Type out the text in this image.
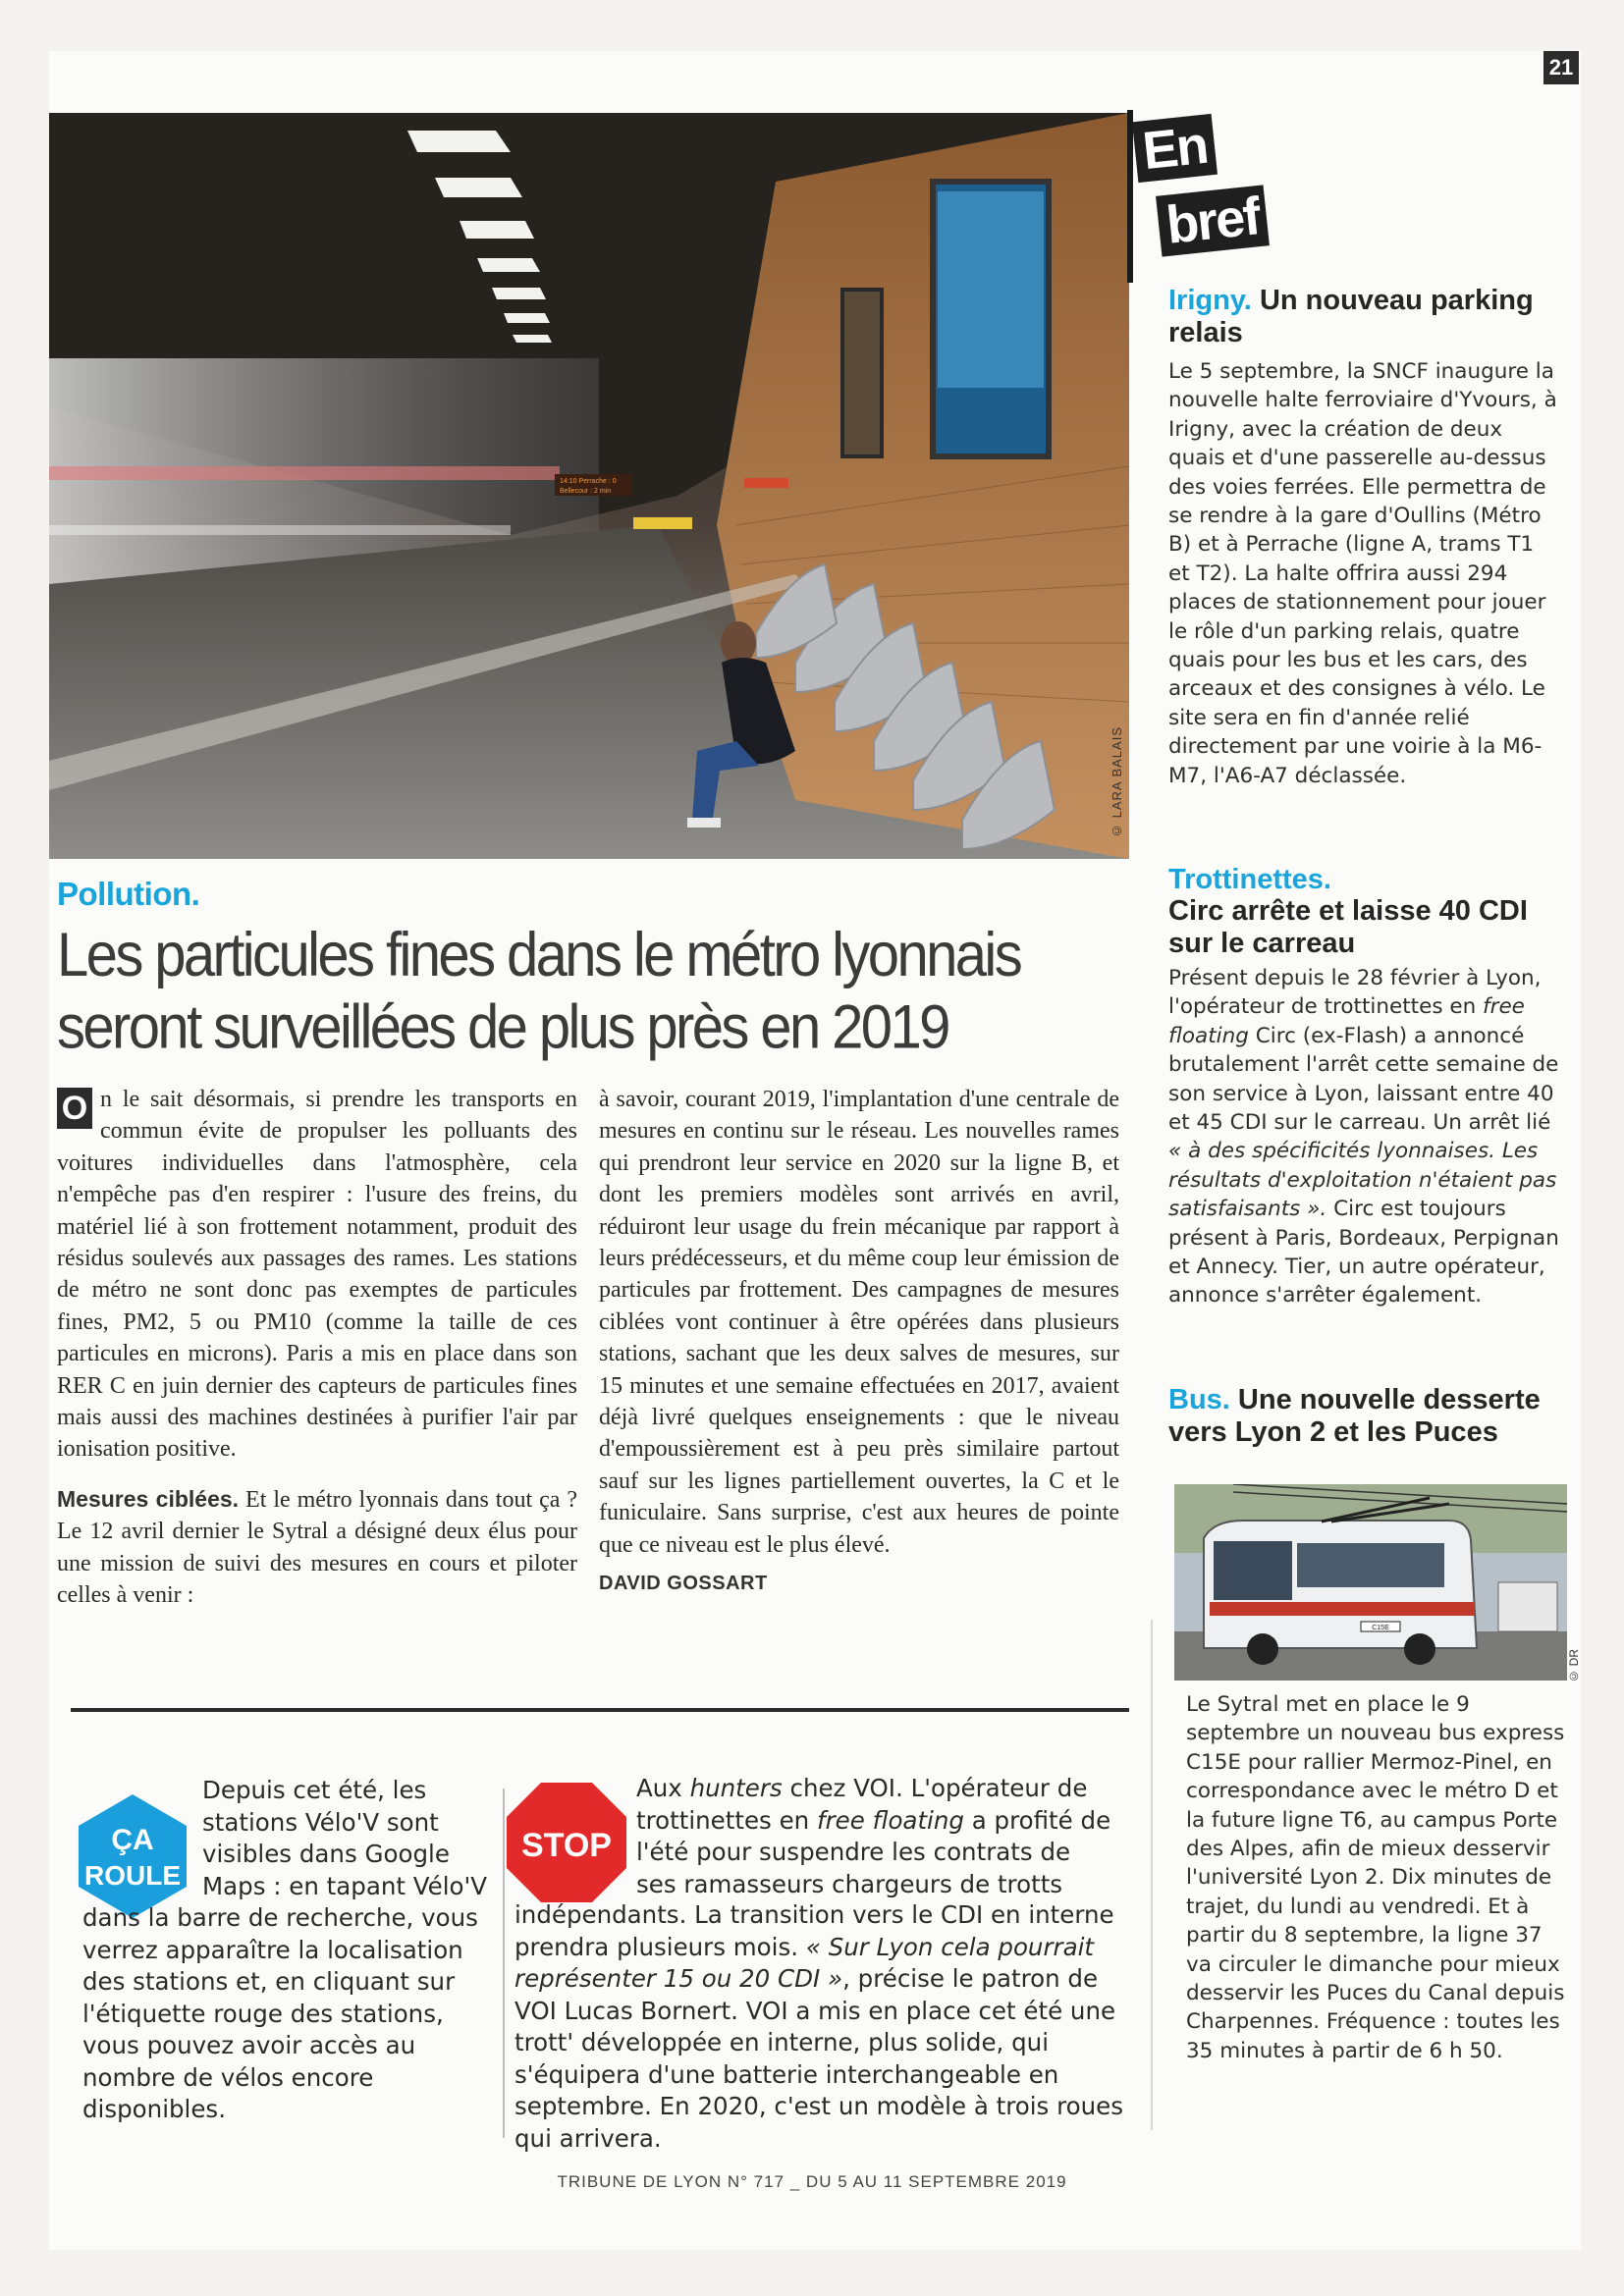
21
14:10 Perrache : 0
Bellecour : 2 min
© LARA BALAIS
Pollution.
Les particules fines dans le métro lyonnais seront surveillées de plus près en 2019

O n le sait désormais, si prendre les transports en commun évite de propulser les polluants des voitures individuelles dans l'atmosphère, cela n'empêche pas d'en respirer : l'usure des freins, du matériel lié à son frottement notamment, produit des résidus soulevés aux passages des rames. Les stations de métro ne sont donc pas exemptes de particules fines, PM2, 5 ou PM10 (comme la taille de ces particules en microns). Paris a mis en place dans son RER C en juin dernier des capteurs de particules fines mais aussi des machines destinées à purifier l'air par ionisation positive.

Mesures ciblées. Et le métro lyonnais dans tout ça ? Le 12 avril dernier le Sytral a désigné deux élus pour une mission de suivi des mesures en cours et piloter celles à venir :

à savoir, courant 2019, l'implantation d'une centrale de mesures en continu sur le réseau. Les nouvelles rames qui prendront leur service en 2020 sur la ligne B, et dont les premiers modèles sont arrivés en avril, réduiront leur usage du frein mécanique par rapport à leurs prédécesseurs, et du même coup leur émission de particules par frottement. Des campagnes de mesures ciblées vont continuer à être opérées dans plusieurs stations, sachant que les deux salves de mesures, sur 15 minutes et une semaine effectuées en 2017, avaient déjà livré quelques enseignements : que le niveau d'empoussièrement est à peu près similaire partout sauf sur les lignes partiellement ouvertes, la C et le funiculaire. Sans surprise, c'est aux heures de pointe que ce niveau est le plus élevé.

DAVID GOSSART

ÇA
ROULE
Depuis cet été, les stations Vélo'V sont visibles dans Google Maps : en tapant Vélo'V
dans la barre de recherche, vous verrez apparaître la localisation des stations et, en cliquant sur l'étiquette rouge des stations, vous pouvez avoir accès au nombre de vélos encore disponibles.
STOP
Aux hunters chez VOI. L'opérateur de trottinettes en free floating a profité de l'été pour suspendre les contrats de ses ramasseurs chargeurs de trotts
indépendants. La transition vers le CDI en interne prendra plusieurs mois. « Sur Lyon cela pourrait représenter 15 ou 20 CDI », précise le patron de VOI Lucas Bornert. VOI a mis en place cet été une trott' développée en interne, plus solide, qui s'équipera d'une batterie interchangeable en septembre. En 2020, c'est un modèle à trois roues qui arrivera.
En
bref
Irigny. Un nouveau parking relais
Le 5 septembre, la SNCF inaugure la nouvelle halte ferroviaire d'Yvours, à Irigny, avec la création de deux quais et d'une passerelle au-dessus des voies ferrées. Elle permettra de se rendre à la gare d'Oullins (Métro B) et à Perrache (ligne A, trams T1 et T2). La halte offrira aussi 294 places de stationnement pour jouer le rôle d'un parking relais, quatre quais pour les bus et les cars, des arceaux et des consignes à vélo. Le site sera en fin d'année relié directement par une voirie à la M6-M7, l'A6-A7 déclassée.
Trottinettes.
Circ arrête et laisse 40 CDI sur le carreau
Présent depuis le 28 février à Lyon, l'opérateur de trottinettes en free floating Circ (ex-Flash) a annoncé brutalement l'arrêt cette semaine de son service à Lyon, laissant entre 40 et 45 CDI sur le carreau. Un arrêt lié « à des spécificités lyonnaises. Les résultats d'exploitation n'étaient pas satisfaisants ». Circ est toujours présent à Paris, Bordeaux, Perpignan et Annecy. Tier, un autre opérateur, annonce s'arrêter également.
Bus. Une nouvelle desserte vers Lyon 2 et les Puces
C15E
© DR
Le Sytral met en place le 9 septembre un nouveau bus express C15E pour rallier Mermoz-Pinel, en correspondance avec le métro D et la future ligne T6, au campus Porte des Alpes, afin de mieux desservir l'université Lyon 2. Dix minutes de trajet, du lundi au vendredi. Et à partir du 8 septembre, la ligne 37 va circuler le dimanche pour mieux desservir les Puces du Canal depuis Charpennes. Fréquence : toutes les 35 minutes à partir de 6 h 50.
TRIBUNE DE LYON N° 717 _ DU 5 AU 11 SEPTEMBRE 2019
